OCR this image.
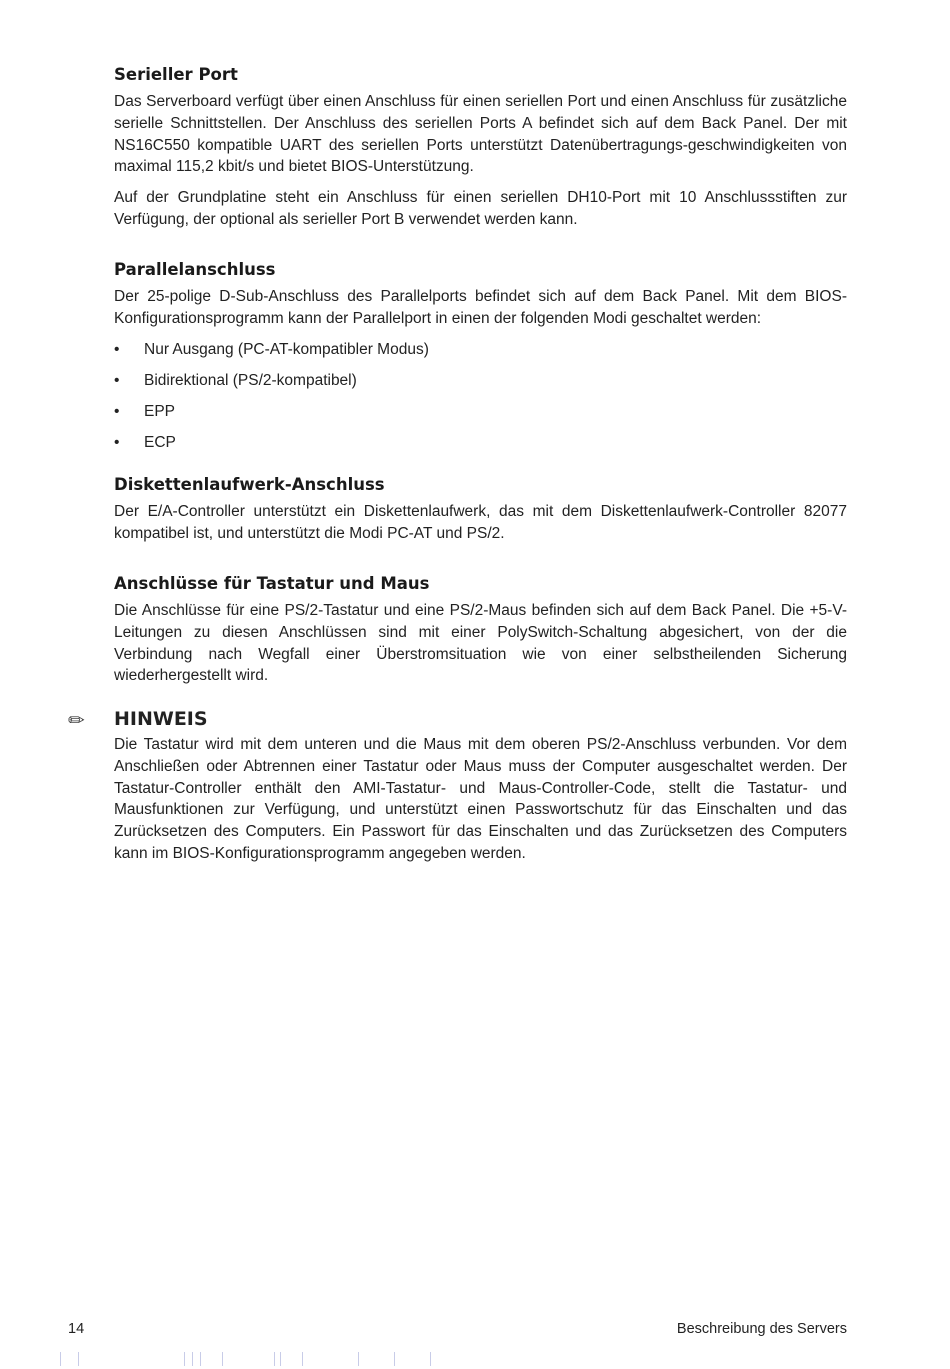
Serieller Port

Das Serverboard verfügt über einen Anschluss für einen seriellen Port und einen Anschluss für zusätzliche serielle Schnittstellen. Der Anschluss des seriellen Ports A befindet sich auf dem Back Panel. Der mit NS16C550 kompatible UART des seriellen Ports unterstützt Datenübertragungs-geschwindigkeiten von maximal 115,2 kbit/s und bietet BIOS-Unterstützung.

Auf der Grundplatine steht ein Anschluss für einen seriellen DH10-Port mit 10 Anschlussstiften zur Verfügung, der optional als serieller Port B verwendet werden kann.

Parallelanschluss

Der 25-polige D-Sub-Anschluss des Parallelports befindet sich auf dem Back Panel. Mit dem BIOS-Konfigurationsprogramm kann der Parallelport in einen der folgenden Modi geschaltet werden:

• Nur Ausgang (PC-AT-kompatibler Modus)
• Bidirektional (PS/2-kompatibel)
• EPP
• ECP
Diskettenlaufwerk-Anschluss

Der E/A-Controller unterstützt ein Diskettenlaufwerk, das mit dem Diskettenlaufwerk-Controller 82077 kompatibel ist, und unterstützt die Modi PC-AT und PS/2.

Anschlüsse für Tastatur und Maus

Die Anschlüsse für eine PS/2-Tastatur und eine PS/2-Maus befinden sich auf dem Back Panel. Die +5-V-Leitungen zu diesen Anschlüssen sind mit einer PolySwitch-Schaltung abgesichert, von der die Verbindung nach Wegfall einer Überstromsituation wie von einer selbstheilenden Sicherung wiederhergestellt wird.

✏ HINWEIS

Die Tastatur wird mit dem unteren und die Maus mit dem oberen PS/2-Anschluss verbunden. Vor dem Anschließen oder Abtrennen einer Tastatur oder Maus muss der Computer ausgeschaltet werden. Der Tastatur-Controller enthält den AMI-Tastatur- und Maus-Controller-Code, stellt die Tastatur- und Mausfunktionen zur Verfügung, und unterstützt einen Passwortschutz für das Einschalten und das Zurücksetzen des Computers. Ein Passwort für das Einschalten und das Zurücksetzen des Computers kann im BIOS-Konfigurationsprogramm angegeben werden.

14	Beschreibung des Servers
